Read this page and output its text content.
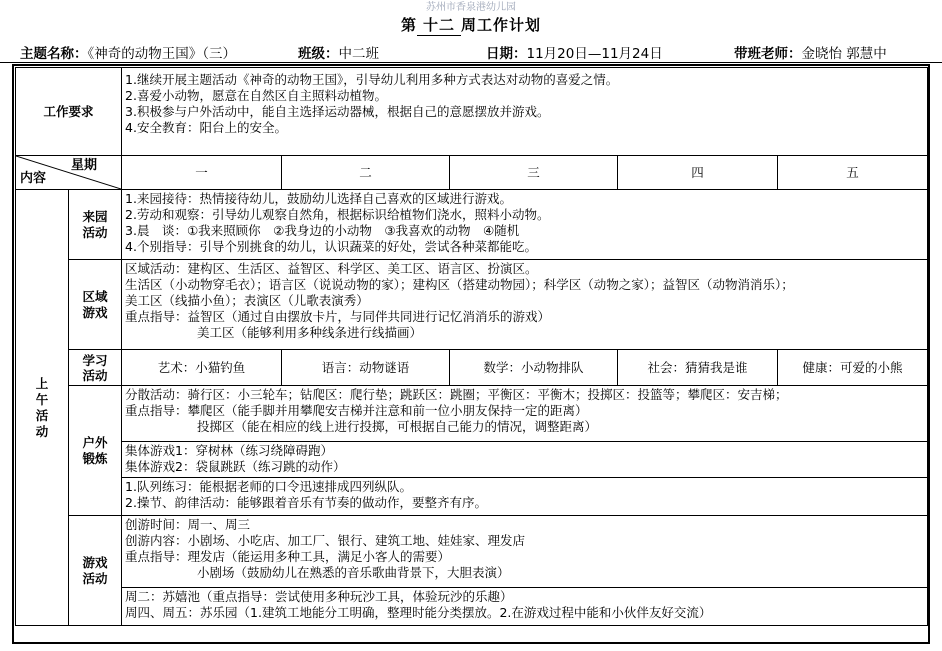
苏州市香泉港幼儿园
第 十二 周工作计划
主题名称：《神奇的动物王国》（三）	班级：中二班	日期：11月20日—11月24日	带班老师：金晓怡 郭慧中
工作要求		1.继续开展主题活动《神奇的动物王国》，引导幼儿利用多种方式表达对动物的喜爱之情。
2.喜爱小动物，愿意在自然区自主照料动植物。
3.积极参与户外活动中，能自主选择运动器械，根据自己的意愿摆放并游戏。
4.安全教育：阳台上的安全。				

星期
内容		一	二	三	四	五
上午活动	来园活动	1.来园接待：热情接待幼儿，鼓励幼儿选择自己喜欢的区域进行游戏。
2.劳动和观察：引导幼儿观察自然角，根据标识给植物们浇水，照料小动物。
3.晨　谈：①我来照顾你　②我身边的小动物　③我喜欢的动物　④随机
4.个别指导：引导个别挑食的幼儿，认识蔬菜的好处，尝试各种菜都能吃。				

	区域游戏	区域活动：建构区、生活区、益智区、科学区、美工区、语言区、扮演区。
生活区（小动物穿毛衣）；语言区（说说动物的家）；建构区（搭建动物园）；科学区（动物之家）；益智区（动物消消乐）；
美工区（线描小鱼）；表演区（儿歌表演秀）
重点指导：益智区（通过自由摆放卡片，与同伴共同进行记忆消消乐的游戏）
美工区（能够利用多种线条进行线描画）				

	学习活动	艺术：小猫钓鱼	语言：动物谜语	数学：小动物排队	社会：猜猜我是谁	健康：可爱的小熊
	户外锻炼	分散活动：骑行区：小三轮车；钻爬区：爬行垫；跳跃区：跳圈；平衡区：平衡木；投掷区：投篮等；攀爬区：安吉梯；
重点指导：攀爬区（能手脚并用攀爬安吉梯并注意和前一位小朋友保持一定的距离）
投掷区（能在相应的线上进行投掷，可根据自己能力的情况，调整距离）				

		集体游戏1：穿树林（练习绕障碍跑）
集体游戏2：袋鼠跳跃（练习跳的动作）				

		1.队列练习：能根据老师的口令迅速排成四列纵队。
2.操节、韵律活动：能够跟着音乐有节奏的做动作，要整齐有序。				

	游戏活动	创游时间：周一、周三
创游内容：小剧场、小吃店、加工厂、银行、建筑工地、娃娃家、理发店
重点指导：理发店（能运用多种工具，满足小客人的需要）
小剧场（鼓励幼儿在熟悉的音乐歌曲背景下，大胆表演）				

		周二：苏嬉池（重点指导：尝试使用多种玩沙工具，体验玩沙的乐趣）
周四、周五：苏乐园（1.建筑工地能分工明确，整理时能分类摆放。2.在游戏过程中能和小伙伴友好交流）				
